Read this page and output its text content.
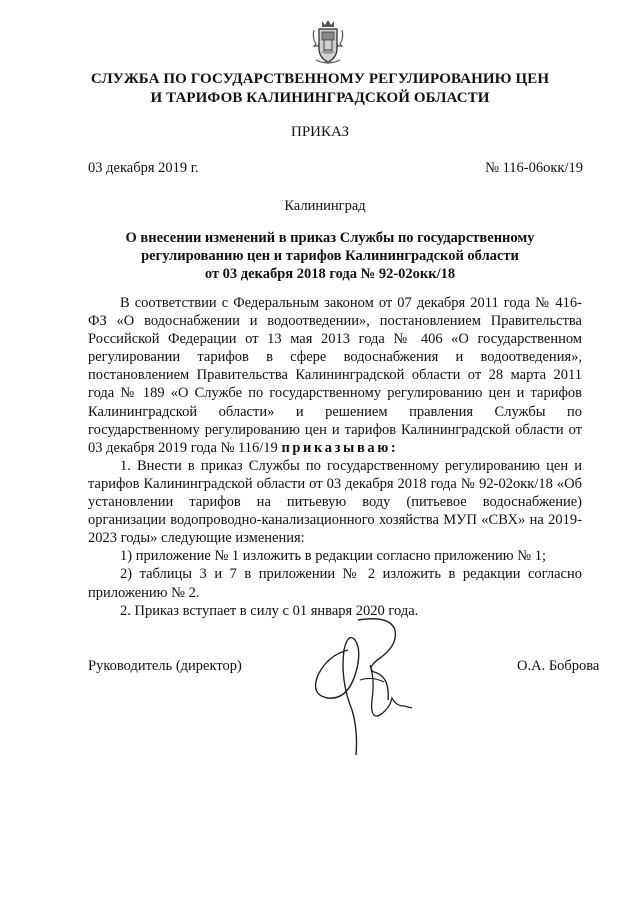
СЛУЖБА ПО ГОСУДАРСТВЕННОМУ РЕГУЛИРОВАНИЮ ЦЕН
И ТАРИФОВ КАЛИНИНГРАДСКОЙ ОБЛАСТИ
ПРИКАЗ
03 декабря 2019 г.	№ 116-06окк/19
Калининград
О внесении изменений в приказ Службы по государственному
регулированию цен и тарифов Калининградской области
от 03 декабря 2018 года № 92-02окк/18

В соответствии с Федеральным законом от 07 декабря 2011 года № 416-ФЗ «О водоснабжении и водоотведении», постановлением Правительства Российской Федерации от 13 мая 2013 года № 406 «О государственном регулировании тарифов в сфере водоснабжения и водоотведения», постановлением Правительства Калининградской области от 28 марта 2011 года № 189 «О Службе по государственному регулированию цен и тарифов Калининградской области» и решением правления Службы по государственному регулированию цен и тарифов Калининградской области от 03 декабря 2019 года № 116/19 приказываю:

1. Внести в приказ Службы по государственному регулированию цен и тарифов Калининградской области от 03 декабря 2018 года № 92-02окк/18 «Об установлении тарифов на питьевую воду (питьевое водоснабжение) организации водопроводно-канализационного хозяйства МУП «СВХ» на 2019-2023 годы» следующие изменения:

1) приложение № 1 изложить в редакции согласно приложению № 1;

2) таблицы 3 и 7 в приложении № 2 изложить в редакции согласно приложению № 2.

2. Приказ вступает в силу с 01 января 2020 года.

Руководитель (директор)	О.А. Боброва
